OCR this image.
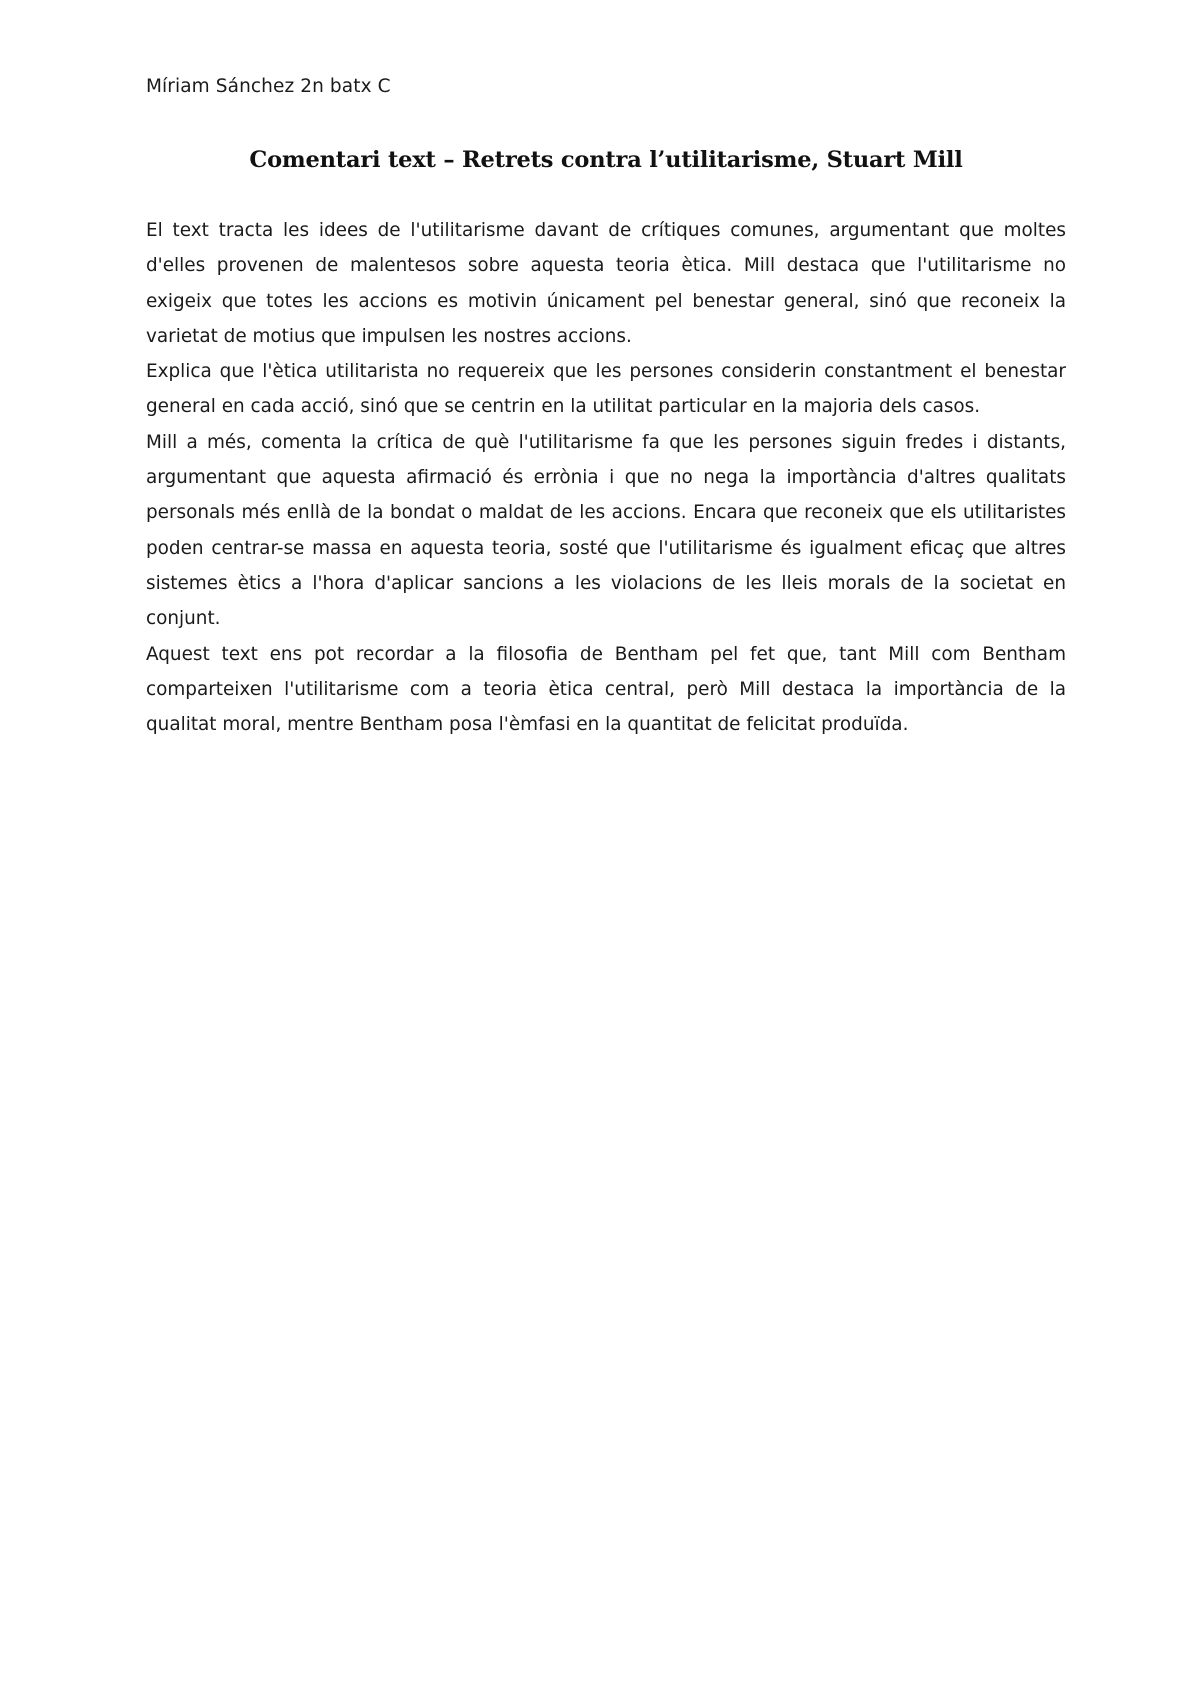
Míriam Sánchez 2n batx C
Comentari text – Retrets contra l’utilitarisme, Stuart Mill

El text tracta les idees de l'utilitarisme davant de crítiques comunes, argumentant que moltes d'elles provenen de malentesos sobre aquesta teoria ètica. Mill destaca que l'utilitarisme no exigeix que totes les accions es motivin únicament pel benestar general, sinó que reconeix la varietat de motius que impulsen les nostres accions.

Explica que l'ètica utilitarista no requereix que les persones considerin constantment el benestar general en cada acció, sinó que se centrin en la utilitat particular en la majoria dels casos.

Mill a més, comenta la crítica de què l'utilitarisme fa que les persones siguin fredes i distants, argumentant que aquesta afirmació és errònia i que no nega la importància d'altres qualitats personals més enllà de la bondat o maldat de les accions. Encara que reconeix que els utilitaristes poden centrar-se massa en aquesta teoria, sosté que l'utilitarisme és igualment eficaç que altres sistemes ètics a l'hora d'aplicar sancions a les violacions de les lleis morals de la societat en conjunt.

Aquest text ens pot recordar a la filosofia de Bentham pel fet que, tant Mill com Bentham comparteixen l'utilitarisme com a teoria ètica central, però Mill destaca la importància de la qualitat moral, mentre Bentham posa l'èmfasi en la quantitat de felicitat produïda.
